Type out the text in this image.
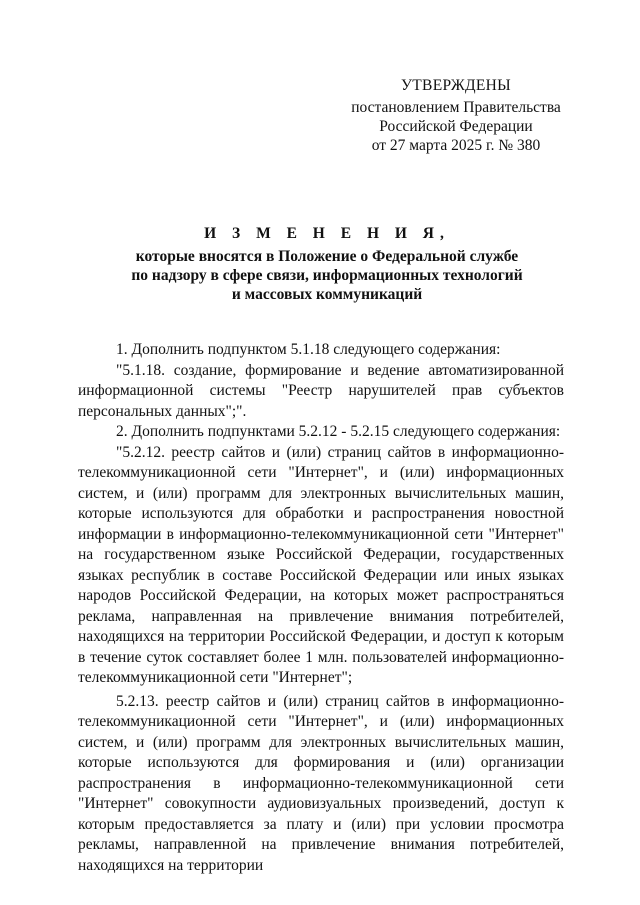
УТВЕРЖДЕНЫ
постановлением Правительства
Российской Федерации
от 27 марта 2025 г. № 380
И З М Е Н Е Н И Я,
которые вносятся в Положение о Федеральной службе
по надзору в сфере связи, информационных технологий
и массовых коммуникаций

1. Дополнить подпунктом 5.1.18 следующего содержания:

"5.1.18. создание, формирование и ведение автоматизированной информационной системы "Реестр нарушителей прав субъектов персональных данных";".

2. Дополнить подпунктами 5.2.12 - 5.2.15 следующего содержания:

"5.2.12. реестр сайтов и (или) страниц сайтов в информационно-телекоммуникационной сети "Интернет", и (или) информационных систем, и (или) программ для электронных вычислительных машин, которые используются для обработки и распространения новостной информации в информационно-телекоммуникационной сети "Интернет" на государственном языке Российской Федерации, государственных языках республик в составе Российской Федерации или иных языках народов Российской Федерации, на которых может распространяться реклама, направленная на привлечение внимания потребителей, находящихся на территории Российской Федерации, и доступ к которым в течение суток составляет более 1 млн. пользователей информационно-телекоммуникационной сети "Интернет";

5.2.13. реестр сайтов и (или) страниц сайтов в информационно-телекоммуникационной сети "Интернет", и (или) информационных систем, и (или) программ для электронных вычислительных машин, которые используются для формирования и (или) организации распространения в информационно-телекоммуникационной сети "Интернет" совокупности аудиовизуальных произведений, доступ к которым предоставляется за плату и (или) при условии просмотра рекламы, направленной на привлечение внимания потребителей, находящихся на территории
